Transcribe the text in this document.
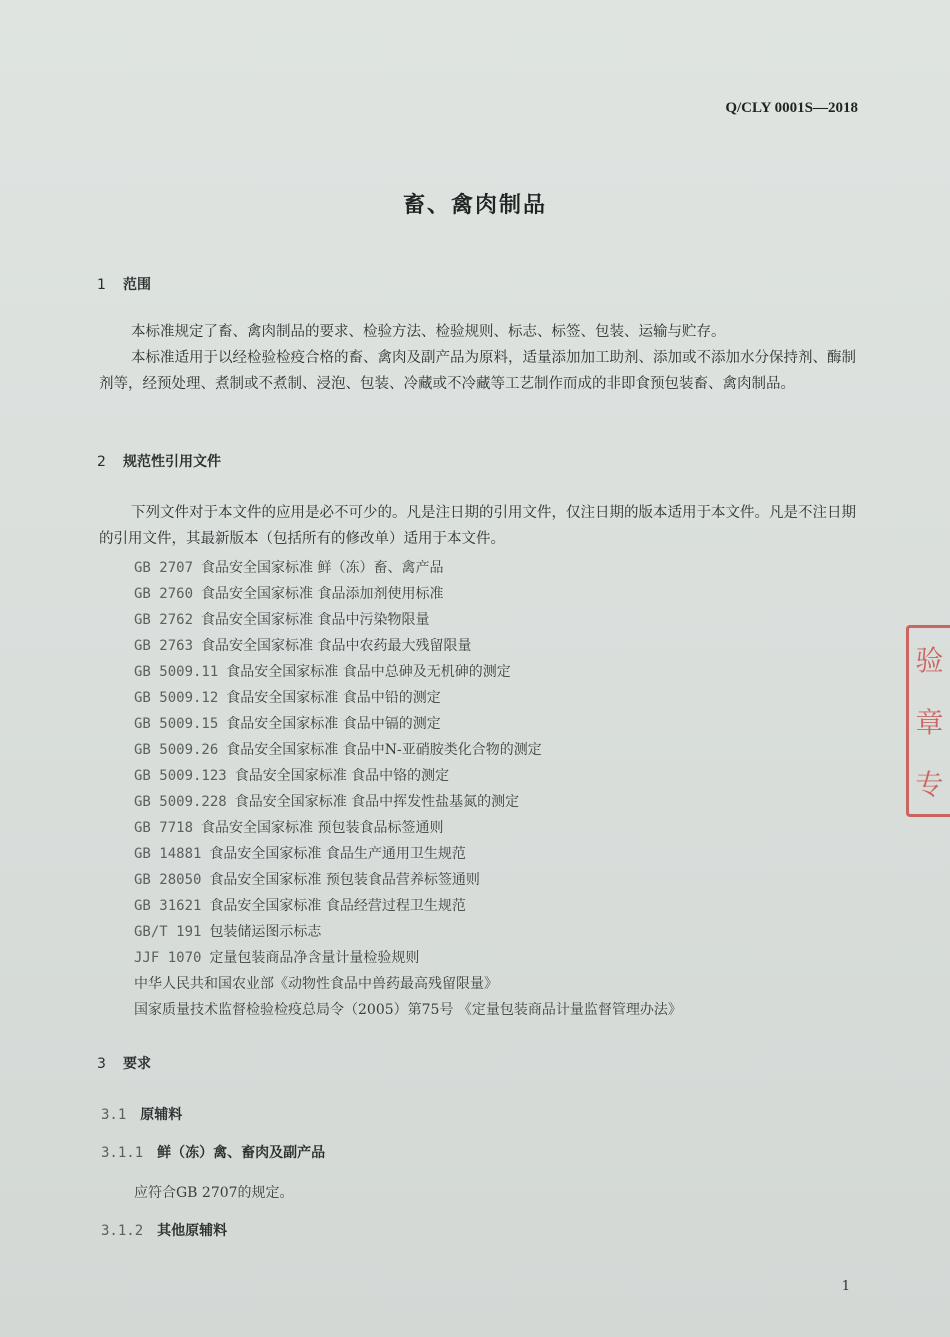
Q/CLY 0001S—2018
畜、禽肉制品
1 范围
本标准规定了畜、禽肉制品的要求、检验方法、检验规则、标志、标签、包装、运输与贮存。
本标准适用于以经检验检疫合格的畜、禽肉及副产品为原料，适量添加加工助剂、添加或不添加水分保持剂、酶制剂等，经预处理、煮制或不煮制、浸泡、包装、冷藏或不冷藏等工艺制作而成的非即食预包装畜、禽肉制品。
2 规范性引用文件
下列文件对于本文件的应用是必不可少的。凡是注日期的引用文件，仅注日期的版本适用于本文件。凡是不注日期的引用文件，其最新版本（包括所有的修改单）适用于本文件。
GB 2707 食品安全国家标准 鲜（冻）畜、禽产品
GB 2760 食品安全国家标准 食品添加剂使用标准
GB 2762 食品安全国家标准 食品中污染物限量
GB 2763 食品安全国家标准 食品中农药最大残留限量
GB 5009.11 食品安全国家标准 食品中总砷及无机砷的测定
GB 5009.12 食品安全国家标准 食品中铅的测定
GB 5009.15 食品安全国家标准 食品中镉的测定
GB 5009.26 食品安全国家标准 食品中N-亚硝胺类化合物的测定
GB 5009.123 食品安全国家标准 食品中铬的测定
GB 5009.228 食品安全国家标准 食品中挥发性盐基氮的测定
GB 7718 食品安全国家标准 预包装食品标签通则
GB 14881 食品安全国家标准 食品生产通用卫生规范
GB 28050 食品安全国家标准 预包装食品营养标签通则
GB 31621 食品安全国家标准 食品经营过程卫生规范
GB/T 191 包装储运图示标志
JJF 1070 定量包装商品净含量计量检验规则
中华人民共和国农业部《动物性食品中兽药最高残留限量》
国家质量技术监督检验检疫总局令（2005）第75号 《定量包装商品计量监督管理办法》
3 要求
3.1 原辅料
3.1.1 鲜（冻）禽、畜肉及副产品
应符合GB 2707的规定。
3.1.2 其他原辅料
1
验
章
专
